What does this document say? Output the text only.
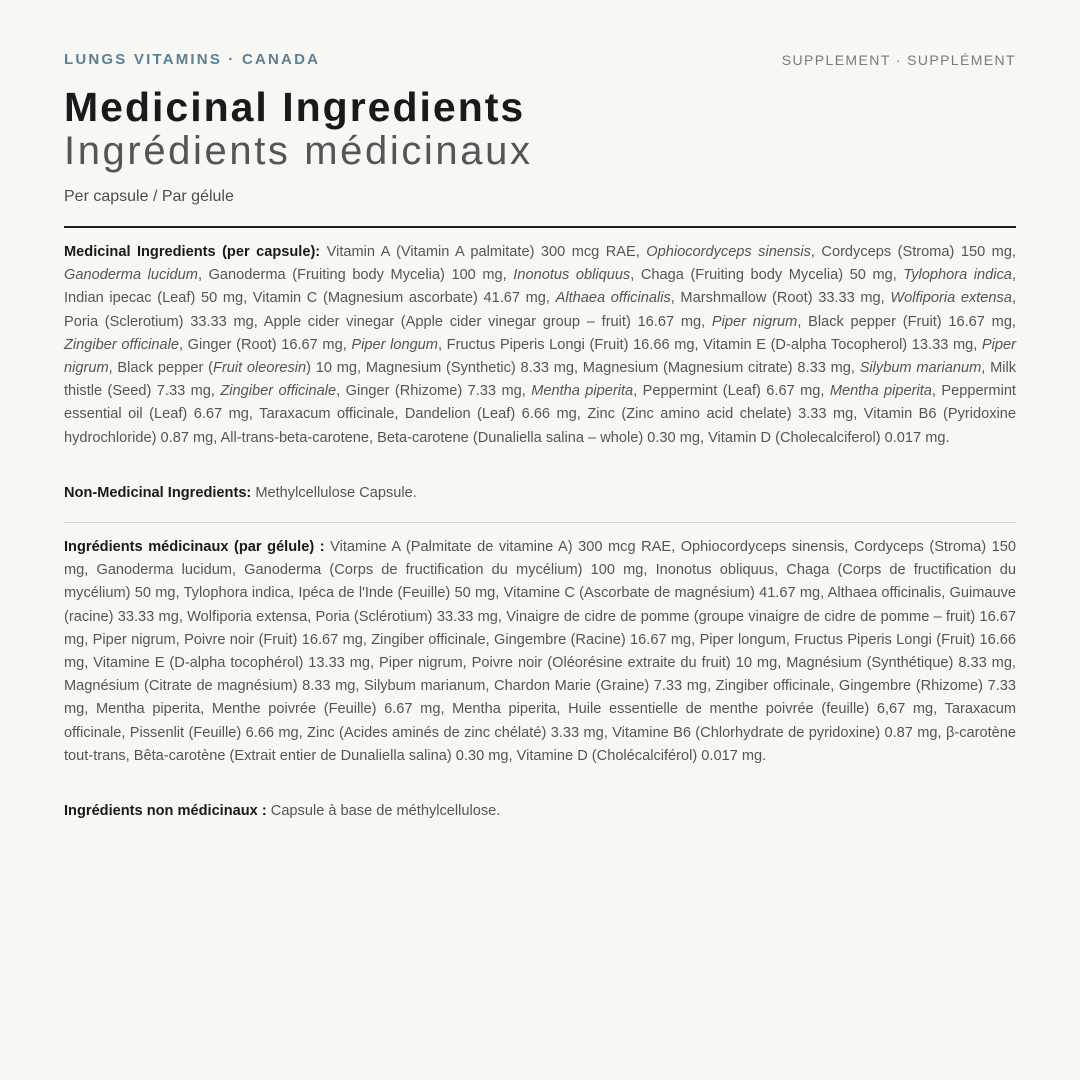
LUNGS VITAMINS · CANADA	SUPPLEMENT · SUPPLÉMENT
Medicinal Ingredients
Ingrédients médicinaux
Per capsule / Par gélule

Medicinal Ingredients (per capsule): Vitamin A (Vitamin A palmitate) 300 mcg RAE, Ophiocordyceps sinensis, Cordyceps (Stroma) 150 mg, Ganoderma lucidum, Ganoderma (Fruiting body Mycelia) 100 mg, Inonotus obliquus, Chaga (Fruiting body Mycelia) 50 mg, Tylophora indica, Indian ipecac (Leaf) 50 mg, Vitamin C (Magnesium ascorbate) 41.67 mg, Althaea officinalis, Marshmallow (Root) 33.33 mg, Wolfiporia extensa, Poria (Sclerotium) 33.33 mg, Apple cider vinegar (Apple cider vinegar group – fruit) 16.67 mg, Piper nigrum, Black pepper (Fruit) 16.67 mg, Zingiber officinale, Ginger (Root) 16.67 mg, Piper longum, Fructus Piperis Longi (Fruit) 16.66 mg, Vitamin E (D-alpha Tocopherol) 13.33 mg, Piper nigrum, Black pepper (Fruit oleoresin) 10 mg, Magnesium (Synthetic) 8.33 mg, Magnesium (Magnesium citrate) 8.33 mg, Silybum marianum, Milk thistle (Seed) 7.33 mg, Zingiber officinale, Ginger (Rhizome) 7.33 mg, Mentha piperita, Peppermint (Leaf) 6.67 mg, Mentha piperita, Peppermint essential oil (Leaf) 6.67 mg, Taraxacum officinale, Dandelion (Leaf) 6.66 mg, Zinc (Zinc amino acid chelate) 3.33 mg, Vitamin B6 (Pyridoxine hydrochloride) 0.87 mg, All-trans-beta-carotene, Beta-carotene (Dunaliella salina – whole) 0.30 mg, Vitamin D (Cholecalciferol) 0.017 mg.

Non-Medicinal Ingredients: Methylcellulose Capsule.

Ingrédients médicinaux (par gélule) : Vitamine A (Palmitate de vitamine A) 300 mcg RAE, Ophiocordyceps sinensis, Cordyceps (Stroma) 150 mg, Ganoderma lucidum, Ganoderma (Corps de fructification du mycélium) 100 mg, Inonotus obliquus, Chaga (Corps de fructification du mycélium) 50 mg, Tylophora indica, Ipéca de l'Inde (Feuille) 50 mg, Vitamine C (Ascorbate de magnésium) 41.67 mg, Althaea officinalis, Guimauve (racine) 33.33 mg, Wolfiporia extensa, Poria (Sclérotium) 33.33 mg, Vinaigre de cidre de pomme (groupe vinaigre de cidre de pomme – fruit) 16.67 mg, Piper nigrum, Poivre noir (Fruit) 16.67 mg, Zingiber officinale, Gingembre (Racine) 16.67 mg, Piper longum, Fructus Piperis Longi (Fruit) 16.66 mg, Vitamine E (D-alpha tocophérol) 13.33 mg, Piper nigrum, Poivre noir (Oléorésine extraite du fruit) 10 mg, Magnésium (Synthétique) 8.33 mg, Magnésium (Citrate de magnésium) 8.33 mg, Silybum marianum, Chardon Marie (Graine) 7.33 mg, Zingiber officinale, Gingembre (Rhizome) 7.33 mg, Mentha piperita, Menthe poivrée (Feuille) 6.67 mg, Mentha piperita, Huile essentielle de menthe poivrée (feuille) 6,67 mg, Taraxacum officinale, Pissenlit (Feuille) 6.66 mg, Zinc (Acides aminés de zinc chélaté) 3.33 mg, Vitamine B6 (Chlorhydrate de pyridoxine) 0.87 mg, β-carotène tout-trans, Bêta-carotène (Extrait entier de Dunaliella salina) 0.30 mg, Vitamine D (Cholécalciférol) 0.017 mg.

Ingrédients non médicinaux : Capsule à base de méthylcellulose.
